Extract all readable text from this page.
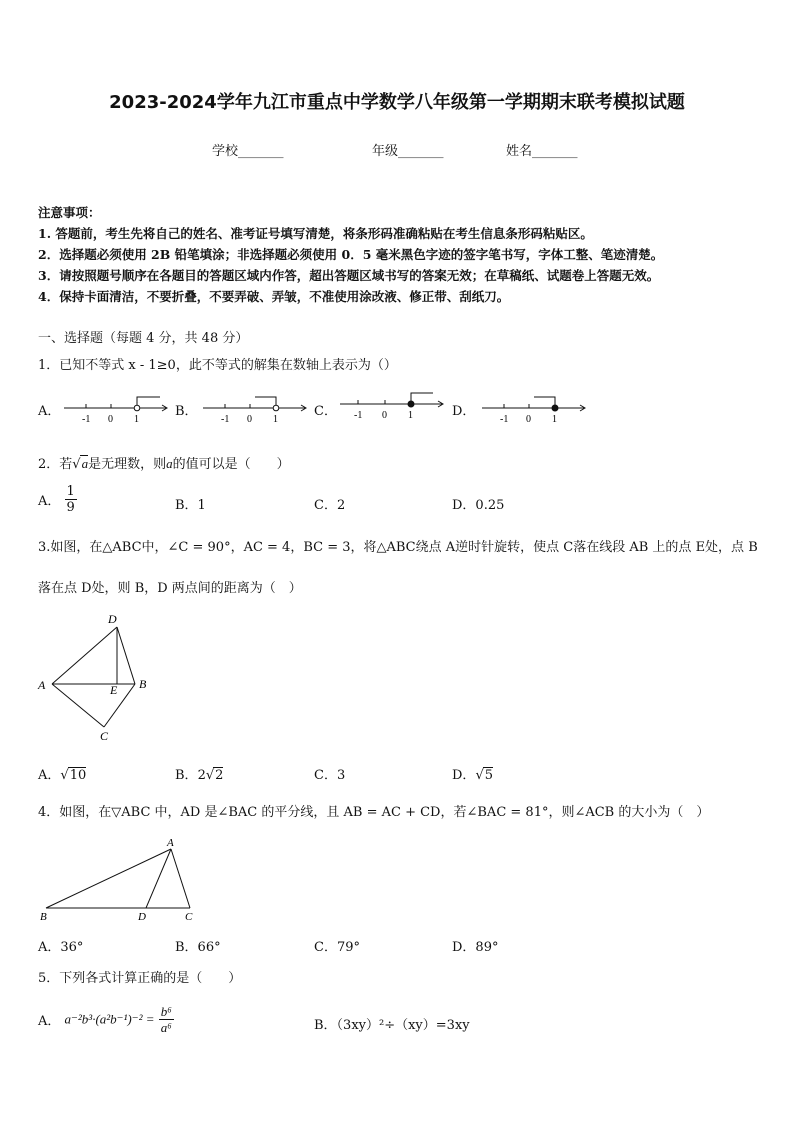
2023-2024学年九江市重点中学数学八年级第一学期期末联考模拟试题
学校_______	年级_______	姓名_______
注意事项：
1. 答题前，考生先将自己的姓名、准考证号填写清楚，将条形码准确粘贴在考生信息条形码粘贴区。
2．选择题必须使用 2B 铅笔填涂；非选择题必须使用 0．5 毫米黑色字迹的签字笔书写，字体工整、笔迹清楚。
3．请按照题号顺序在各题目的答题区域内作答，超出答题区域书写的答案无效；在草稿纸、试题卷上答题无效。
4．保持卡面清洁，不要折叠，不要弄破、弄皱，不准使用涂改液、修正带、刮纸刀。
一、选择题（每题 4 分，共 48 分）
1．已知不等式 x - 1≥0，此不等式的解集在数轴上表示为（）
A．	B．	C．	D．
-1 0 1	-1 0 1	-1 0 1	-1 0 1
2．若√a是无理数，则a的值可以是（　　）
A． $\frac{1}{9}$	B．1	C．2	D．0.25
3.如图，在△ABC中，∠C = 90°，AC = 4，BC = 3，将△ABC绕点 A逆时针旋转，使点 C落在线段 AB 上的点 E处，点 B
落在点 D处，则 B，D 两点间的距离为（　）
D
A	E B
C
A．√10	B．2√2	C．3	D．√5
4．如图，在▽ABC 中，AD 是∠BAC 的平分线，且 AB = AC + CD，若∠BAC = 81°，则∠ACB 的大小为（　）
A
B	D	C
A．36°	B．66°	C．79°	D．89°
5．下列各式计算正确的是（　　）
A． $a^{-2}b^3\cdot(a^2b^{-1})^{-2} = \frac{\text{b⁶}}{\text{a⁶}}$	B．（3xy）²÷（xy）=3xy
